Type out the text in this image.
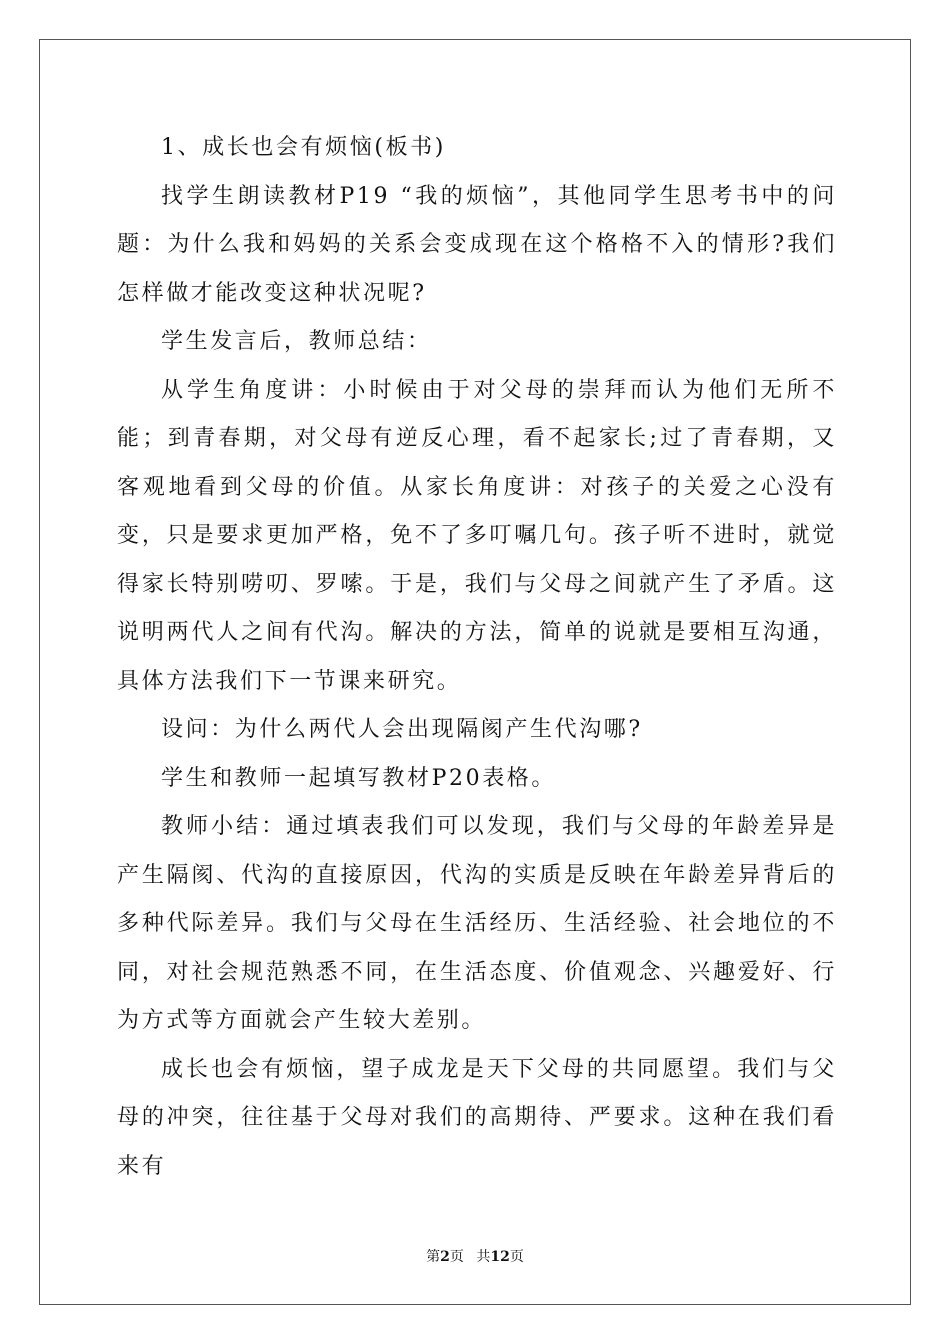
1、成长也会有烦恼(板书)

找学生朗读教材P19 “我的烦恼”，其他同学生思考书中的问题：为什么我和妈妈的关系会变成现在这个格格不入的情形?我们怎样做才能改变这种状况呢?

学生发言后，教师总结：

从学生角度讲：小时候由于对父母的崇拜而认为他们无所不能；到青春期，对父母有逆反心理，看不起家长;过了青春期，又客观地看到父母的价值。从家长角度讲：对孩子的关爱之心没有变，只是要求更加严格，免不了多叮嘱几句。孩子听不进时，就觉得家长特别唠叨、罗嗦。于是，我们与父母之间就产生了矛盾。这说明两代人之间有代沟。解决的方法，简单的说就是要相互沟通，具体方法我们下一节课来研究。

设问：为什么两代人会出现隔阂产生代沟哪?

学生和教师一起填写教材P20表格。

教师小结：通过填表我们可以发现，我们与父母的年龄差异是产生隔阂、代沟的直接原因，代沟的实质是反映在年龄差异背后的多种代际差异。我们与父母在生活经历、生活经验、社会地位的不同，对社会规范熟悉不同，在生活态度、价值观念、兴趣爱好、行为方式等方面就会产生较大差别。

成长也会有烦恼，望子成龙是天下父母的共同愿望。我们与父母的冲突，往往基于父母对我们的高期待、严要求。这种在我们看来有

第2页 共12页
